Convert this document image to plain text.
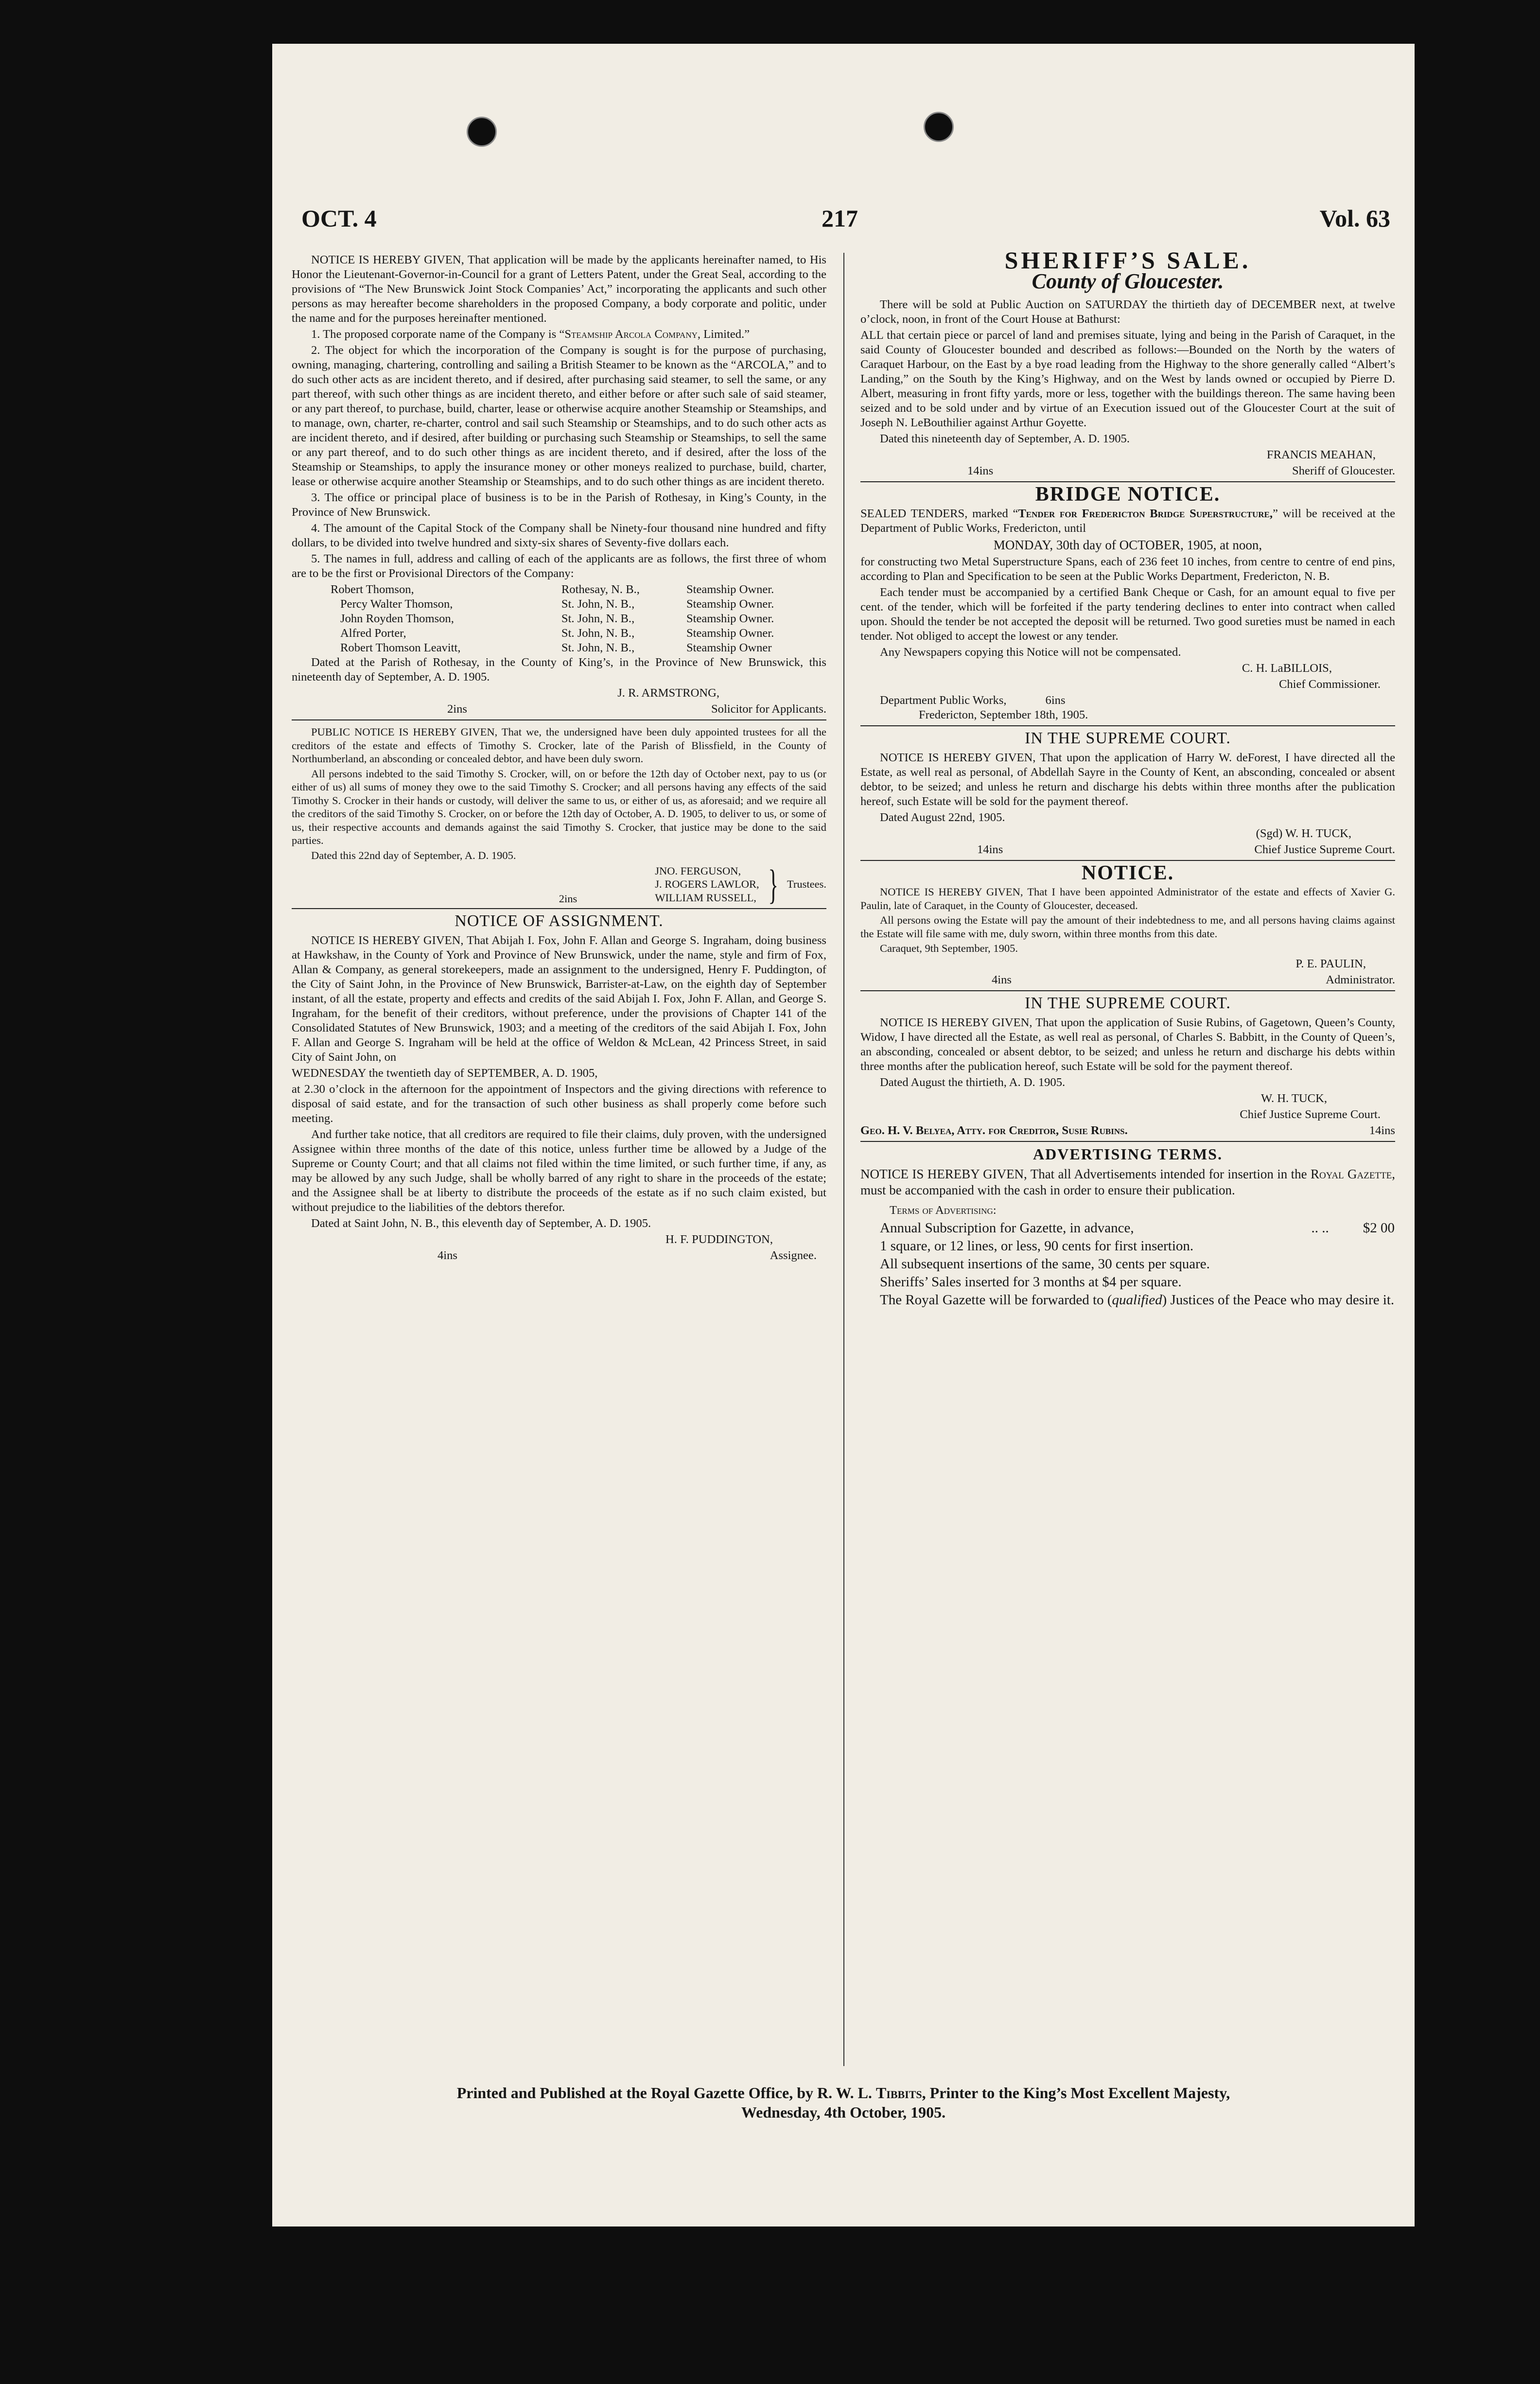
OCT. 4	217	Vol. 63

NOTICE IS HEREBY GIVEN, That application will be made by the applicants hereinafter named, to His Honor the Lieutenant-Governor-in-Council for a grant of Letters Patent, under the Great Seal, according to the provisions of “The New Brunswick Joint Stock Companies’ Act,” incorporating the applicants and such other persons as may hereafter become shareholders in the proposed Company, a body corporate and politic, under the name and for the purposes hereinafter mentioned.

1. The proposed corporate name of the Company is “Steamship Arcola Company, Limited.”

2. The object for which the incorporation of the Company is sought is for the purpose of purchasing, owning, managing, chartering, controlling and sailing a British Steamer to be known as the “ARCOLA,” and to do such other acts as are incident thereto, and if desired, after purchasing said steamer, to sell the same, or any part thereof, with such other things as are incident thereto, and either before or after such sale of said steamer, or any part thereof, to purchase, build, charter, lease or otherwise acquire another Steamship or Steamships, and to manage, own, charter, re-charter, control and sail such Steamship or Steamships, and to do such other acts as are incident thereto, and if desired, after building or purchasing such Steamship or Steamships, to sell the same or any part thereof, and to do such other things as are incident thereto, and if desired, after the loss of the Steamship or Steamships, to apply the insurance money or other moneys realized to purchase, build, charter, lease or otherwise acquire another Steamship or Steamships, and to do such other things as are incident thereto.

3. The office or principal place of business is to be in the Parish of Rothesay, in King’s County, in the Province of New Brunswick.

4. The amount of the Capital Stock of the Company shall be Ninety-four thousand nine hundred and fifty dollars, to be divided into twelve hundred and sixty-six shares of Seventy-five dollars each.

5. The names in full, address and calling of each of the applicants are as follows, the first three of whom are to be the first or Provisional Directors of the Company:

Robert Thomson,	Rothesay, N. B.,	Steamship Owner.
Percy Walter Thomson,	St. John, N. B.,	Steamship Owner.
John Royden Thomson,	St. John, N. B.,	Steamship Owner.
Alfred Porter,	St. John, N. B.,	Steamship Owner.
Robert Thomson Leavitt,	St. John, N. B.,	Steamship Owner

Dated at the Parish of Rothesay, in the County of King’s, in the Province of New Brunswick, this nineteenth day of September, A. D. 1905.

J. R. ARMSTRONG,

2ins	Solicitor for Applicants.

PUBLIC NOTICE IS HEREBY GIVEN, That we, the undersigned have been duly appointed trustees for all the creditors of the estate and effects of Timothy S. Crocker, late of the Parish of Blissfield, in the County of Northumberland, an absconding or concealed debtor, and have been duly sworn.

All persons indebted to the said Timothy S. Crocker, will, on or before the 12th day of October next, pay to us (or either of us) all sums of money they owe to the said Timothy S. Crocker; and all persons having any effects of the said Timothy S. Crocker in their hands or custody, will deliver the same to us, or either of us, as aforesaid; and we require all the creditors of the said Timothy S. Crocker, on or before the 12th day of October, A. D. 1905, to deliver to us, or some of us, their respective accounts and demands against the said Timothy S. Crocker, that justice may be done to the said parties.

Dated this 22nd day of September, A. D. 1905.

2ins
JNO. FERGUSON,
J. ROGERS LAWLOR,
WILLIAM RUSSELL, } Trustees.
NOTICE OF ASSIGNMENT.

NOTICE IS HEREBY GIVEN, That Abijah I. Fox, John F. Allan and George S. Ingraham, doing business at Hawkshaw, in the County of York and Province of New Brunswick, under the name, style and firm of Fox, Allan & Company, as general storekeepers, made an assignment to the undersigned, Henry F. Puddington, of the City of Saint John, in the Province of New Brunswick, Barrister-at-Law, on the eighth day of September instant, of all the estate, property and effects and credits of the said Abijah I. Fox, John F. Allan, and George S. Ingraham, for the benefit of their creditors, without preference, under the provisions of Chapter 141 of the Consolidated Statutes of New Brunswick, 1903; and a meeting of the creditors of the said Abijah I. Fox, John F. Allan and George S. Ingraham will be held at the office of Weldon & McLean, 42 Princess Street, in said City of Saint John, on

WEDNESDAY the twentieth day of SEPTEMBER, A. D. 1905,

at 2.30 o’clock in the afternoon for the appointment of Inspectors and the giving directions with reference to disposal of said estate, and for the transaction of such other business as shall properly come before such meeting.

And further take notice, that all creditors are required to file their claims, duly proven, with the undersigned Assignee within three months of the date of this notice, unless further time be allowed by a Judge of the Supreme or County Court; and that all claims not filed within the time limited, or such further time, if any, as may be allowed by any such Judge, shall be wholly barred of any right to share in the proceeds of the estate; and the Assignee shall be at liberty to distribute the proceeds of the estate as if no such claim existed, but without prejudice to the liabilities of the debtors therefor.

Dated at Saint John, N. B., this eleventh day of September, A. D. 1905.

H. F. PUDDINGTON,

4ins	Assignee.
SHERIFF’S SALE.
County of Gloucester.

There will be sold at Public Auction on SATURDAY the thirtieth day of DECEMBER next, at twelve o’clock, noon, in front of the Court House at Bathurst:

ALL that certain piece or parcel of land and premises situate, lying and being in the Parish of Caraquet, in the said County of Gloucester bounded and described as follows:—Bounded on the North by the waters of Caraquet Harbour, on the East by a bye road leading from the Highway to the shore generally called “Albert’s Landing,” on the South by the King’s Highway, and on the West by lands owned or occupied by Pierre D. Albert, measuring in front fifty yards, more or less, together with the buildings thereon. The same having been seized and to be sold under and by virtue of an Execution issued out of the Gloucester Court at the suit of Joseph N. LeBouthilier against Arthur Goyette.

Dated this nineteenth day of September, A. D. 1905.

FRANCIS MEAHAN,

14ins	Sheriff of Gloucester.
BRIDGE NOTICE.

SEALED TENDERS, marked “Tender for Fredericton Bridge Superstructure,” will be received at the Department of Public Works, Fredericton, until

MONDAY, 30th day of OCTOBER, 1905, at noon,

for constructing two Metal Superstructure Spans, each of 236 feet 10 inches, from centre to centre of end pins, according to Plan and Specification to be seen at the Public Works Department, Fredericton, N. B.

Each tender must be accompanied by a certified Bank Cheque or Cash, for an amount equal to five per cent. of the tender, which will be forfeited if the party tendering declines to enter into contract when called upon. Should the tender be not accepted the deposit will be returned. Two good sureties must be named in each tender. Not obliged to accept the lowest or any tender.

Any Newspapers copying this Notice will not be compensated.

C. H. LaBILLOIS,

Chief Commissioner.

Department Public Works,	6ins

Fredericton, September 18th, 1905.

IN THE SUPREME COURT.

NOTICE IS HEREBY GIVEN, That upon the application of Harry W. deForest, I have directed all the Estate, as well real as personal, of Abdellah Sayre in the County of Kent, an absconding, concealed or absent debtor, to be seized; and unless he return and discharge his debts within three months after the publication hereof, such Estate will be sold for the payment thereof.

Dated August 22nd, 1905.

(Sgd) W. H. TUCK,

14ins	Chief Justice Supreme Court.
NOTICE.

NOTICE IS HEREBY GIVEN, That I have been appointed Administrator of the estate and effects of Xavier G. Paulin, late of Caraquet, in the County of Gloucester, deceased.

All persons owing the Estate will pay the amount of their indebtedness to me, and all persons having claims against the Estate will file same with me, duly sworn, within three months from this date.

Caraquet, 9th September, 1905.

P. E. PAULIN,

4ins	Administrator.
IN THE SUPREME COURT.

NOTICE IS HEREBY GIVEN, That upon the application of Susie Rubins, of Gagetown, Queen’s County, Widow, I have directed all the Estate, as well real as personal, of Charles S. Babbitt, in the County of Queen’s, an absconding, concealed or absent debtor, to be seized; and unless he return and discharge his debts within three months after the publication hereof, such Estate will be sold for the payment thereof.

Dated August the thirtieth, A. D. 1905.

W. H. TUCK,

Chief Justice Supreme Court.

Geo. H. V. Belyea, Atty. for Creditor, Susie Rubins.	14ins
ADVERTISING TERMS.

NOTICE IS HEREBY GIVEN, That all Advertisements intended for insertion in the Royal Gazette, must be accompanied with the cash in order to ensure their publication.

Terms of Advertising:

Annual Subscription for Gazette, in advance,	.. ..	$2 00
1 square, or 12 lines, or less, 90 cents for first insertion.
All subsequent insertions of the same, 30 cents per square.
Sheriffs’ Sales inserted for 3 months at $4 per square.
The Royal Gazette will be forwarded to (qualified) Justices of the Peace who may desire it.
Printed and Published at the Royal Gazette Office, by R. W. L. Tibbits, Printer to the King’s Most Excellent Majesty,
Wednesday, 4th October, 1905.
